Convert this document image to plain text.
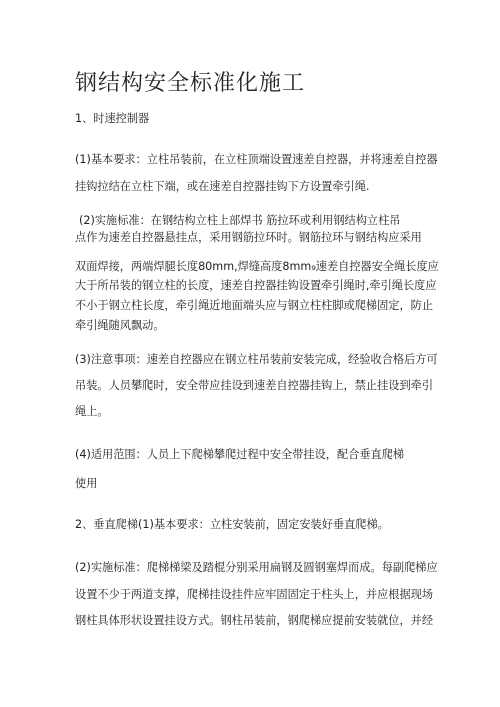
钢结构安全标准化施工
1、时速控制器
(1)基本要求：立柱吊装前，在立柱顶端设置速差自控器，并将速差自控器
挂钩拉结在立柱下端，或在速差自控器挂钩下方设置牵引绳.
(2)实施标准：在钢结构立柱上部焊书 筋拉环或利用钢结构立柱吊
点作为速差自控器悬挂点，采用钢筋拉环时。钢筋拉环与钢结构应采用
双面焊接，两端焊腿长度80mm,焊缝高度8mm₉速差自控器安全绳长度应
大于所吊装的钢立柱的长度，速差自控器挂钩设置牵引绳时,牵引绳长度应
不小于钢立柱长度，牵引绳近地面端头应与钢立柱柱脚或爬梯固定，防止
牵引绳随风飘动。
(3)注意事项：速差自控器应在钢立柱吊装前安装完成，经验收合格后方可
吊装。人员攀爬时，安全带应挂设到速差自控器挂钩上，禁止挂设到牵引
绳上。
(4)适用范围：人员上下爬梯攀爬过程中安全带挂设，配合垂直爬梯
使用
2、垂直爬梯(1)基本要求：立柱安装前，固定安装好垂直爬梯。
(2)实施标准：爬梯梯梁及踏棍分别采用扁钢及圆钢塞焊而成。每副爬梯应
设置不少于两道支撑，爬梯挂设挂件应牢固固定于柱头上，并应根据现场
钢柱具体形状设置挂设方式。钢柱吊装前，钢爬梯应提前安装就位，并经
